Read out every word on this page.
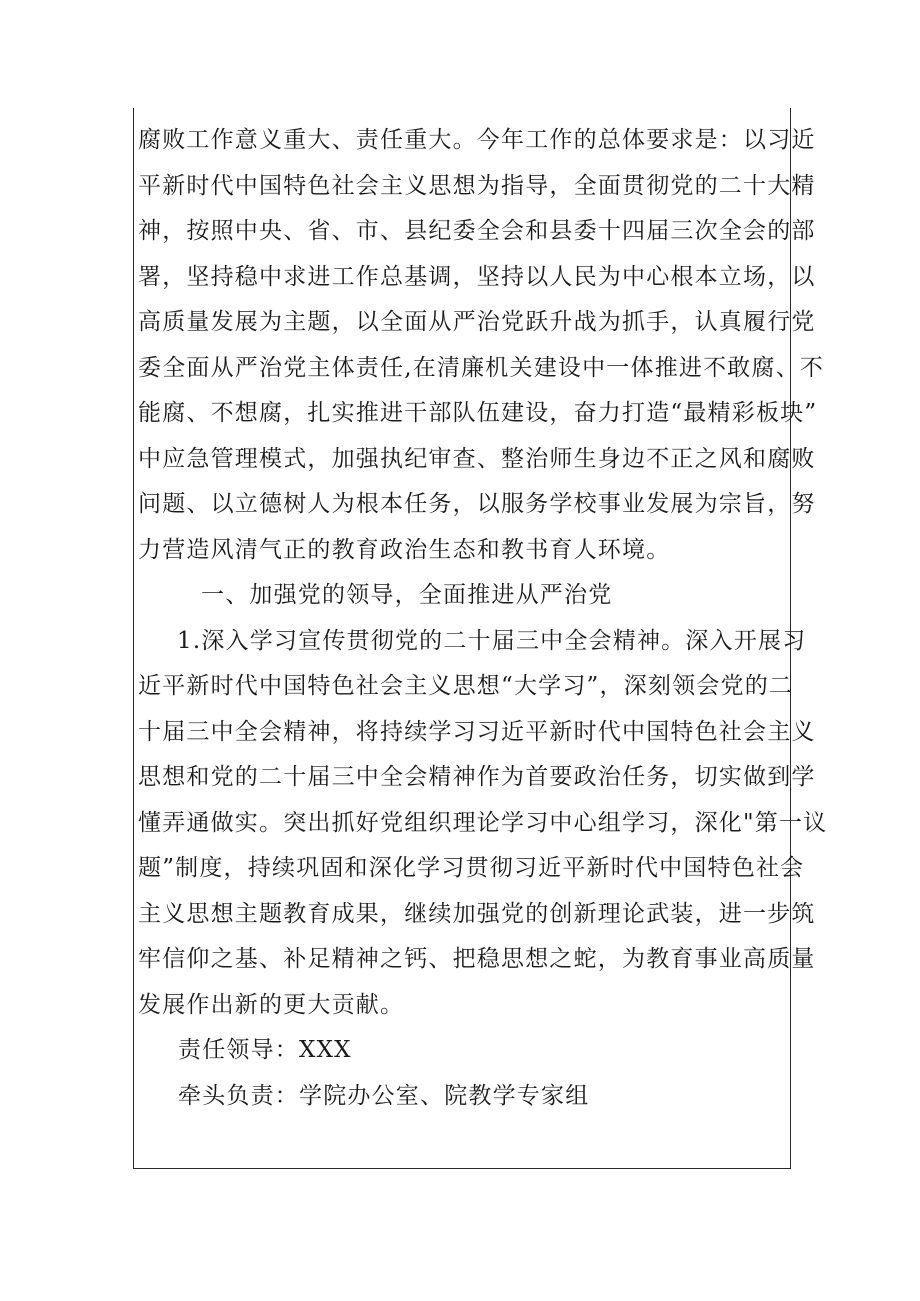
腐败工作意义重大、责任重大。今年工作的总体要求是：以习近
平新时代中国特色社会主义思想为指导，全面贯彻党的二十大精
神，按照中央、省、市、县纪委全会和县委十四届三次全会的部
署，坚持稳中求进工作总基调，坚持以人民为中心根本立场，以
高质量发展为主题，以全面从严治党跃升战为抓手，认真履行党
委全面从严治党主体责任,在清廉机关建设中一体推进不敢腐、不
能腐、不想腐，扎实推进干部队伍建设，奋力打造“最精彩板块”
中应急管理模式，加强执纪审查、整治师生身边不正之风和腐败
问题、以立德树人为根本任务，以服务学校事业发展为宗旨，努
力营造风清气正的教育政治生态和教书育人环境。
一、加强党的领导，全面推进从严治党
1.深入学习宣传贯彻党的二十届三中全会精神。深入开展习
近平新时代中国特色社会主义思想“大学习”，深刻领会党的二
十届三中全会精神，将持续学习习近平新时代中国特色社会主义
思想和党的二十届三中全会精神作为首要政治任务，切实做到学
懂弄通做实。突出抓好党组织理论学习中心组学习，深化"第一议
题”制度，持续巩固和深化学习贯彻习近平新时代中国特色社会
主义思想主题教育成果，继续加强党的创新理论武装，进一步筑
牢信仰之基、补足精神之钙、把稳思想之蛇，为教育事业高质量
发展作出新的更大贡献。
责任领导：XXX
牵头负责：学院办公室、院教学专家组
